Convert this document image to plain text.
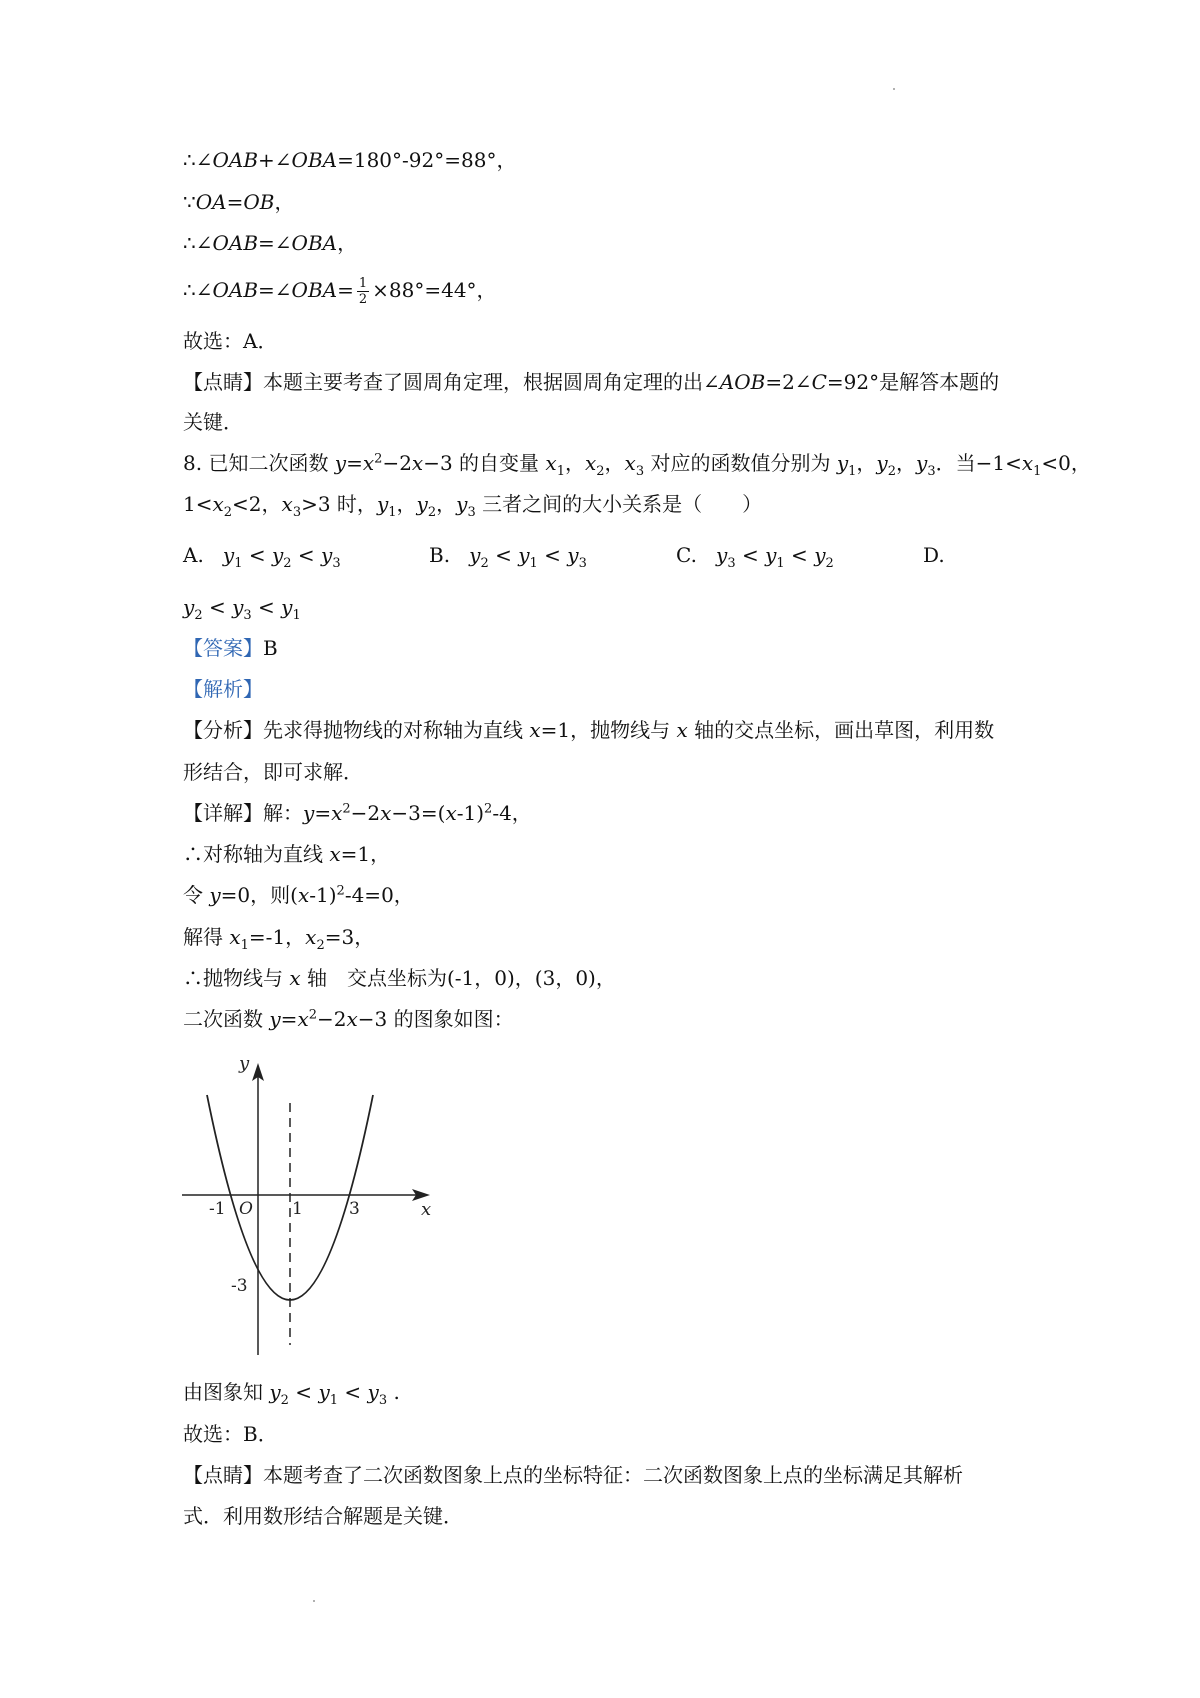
∴∠OAB+∠OBA=180°-92°=88°，
∵OA=OB，
∴∠OAB=∠OBA，
∴∠OAB=∠OBA= $\frac{1}{2} \times 88^\circ=44^\circ$，
故选：A．
【点睛】本题主要考查了圆周角定理，根据圆周角定理的出∠AOB=2∠C=92°是解答本题的
关键．
8. 已知二次函数 $y=x^2-2x-3$ 的自变量 $x_1$，$x_2$，$x_3$ 对应的函数值分别为 $y_1$，$y_2$，$y_3$．当$-1<x_1<0$，
$1<x_2<2$，$x_3>3$ 时，$y_1$，$y_2$，$y_3$ 三者之间的大小关系是（　　）
A. $y_1 < y_2 < y_3$	B. $y_2 < y_1 < y_3$	C. $y_3 < y_1 < y_2$	D.
$y_2 < y_3 < y_1$
【答案】B
【解析】
【分析】先求得抛物线的对称轴为直线 x=1，抛物线与 x 轴的交点坐标，画出草图，利用数
形结合，即可求解．
【详解】解：$y=x^2-2x-3=(x-1)^2-4$，
∴对称轴为直线 x=1，
令 y=0，则$(x-1)^2-4=0$，
解得 $x_1=-1$，$x_2=3$，
∴抛物线与 x 轴　交点坐标为(-1，0)，(3，0)，
二次函数 $y=x^2-2x-3$ 的图象如图：
y
x
O
-1	1	3
-3
由图象知 $y_2 < y_1 < y_3$ .
故选：B．
【点睛】本题考查了二次函数图象上点的坐标特征：二次函数图象上点的坐标满足其解析
式．利用数形结合解题是关键．
